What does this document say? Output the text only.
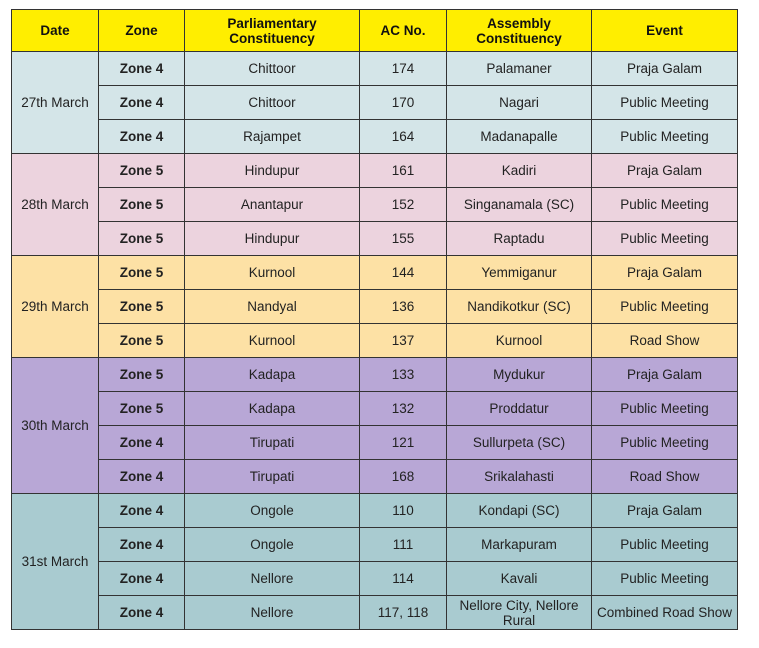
Date	Zone	Parliamentary Constituency	AC No.	Assembly Constituency	Event
27th March	Zone 4	Chittoor	174	Palamaner	Praja Galam
	Zone 4	Chittoor	170	Nagari	Public Meeting
	Zone 4	Rajampet	164	Madanapalle	Public Meeting
28th March	Zone 5	Hindupur	161	Kadiri	Praja Galam
	Zone 5	Anantapur	152	Singanamala (SC)	Public Meeting
	Zone 5	Hindupur	155	Raptadu	Public Meeting
29th March	Zone 5	Kurnool	144	Yemmiganur	Praja Galam
	Zone 5	Nandyal	136	Nandikotkur (SC)	Public Meeting
	Zone 5	Kurnool	137	Kurnool	Road Show
30th March	Zone 5	Kadapa	133	Mydukur	Praja Galam
	Zone 5	Kadapa	132	Proddatur	Public Meeting
	Zone 4	Tirupati	121	Sullurpeta (SC)	Public Meeting
	Zone 4	Tirupati	168	Srikalahasti	Road Show
31st March	Zone 4	Ongole	110	Kondapi (SC)	Praja Galam
	Zone 4	Ongole	111	Markapuram	Public Meeting
	Zone 4	Nellore	114	Kavali	Public Meeting
	Zone 4	Nellore	117, 118	Nellore City, Nellore Rural	Combined Road Show
